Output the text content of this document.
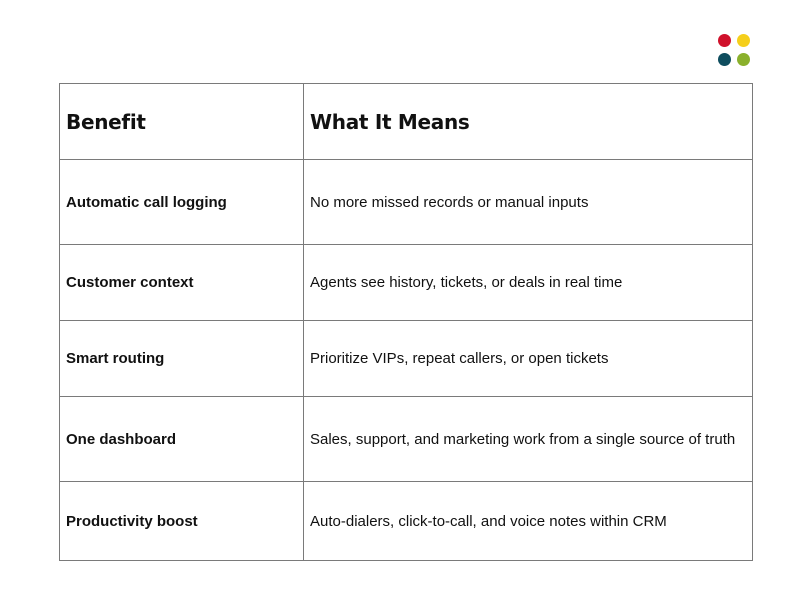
Benefit	What It Means
Automatic call logging	No more missed records or manual inputs
Customer context	Agents see history, tickets, or deals in real time
Smart routing	Prioritize VIPs, repeat callers, or open tickets
One dashboard	Sales, support, and marketing work from a single source of truth
Productivity boost	Auto-dialers, click-to-call, and voice notes within CRM
